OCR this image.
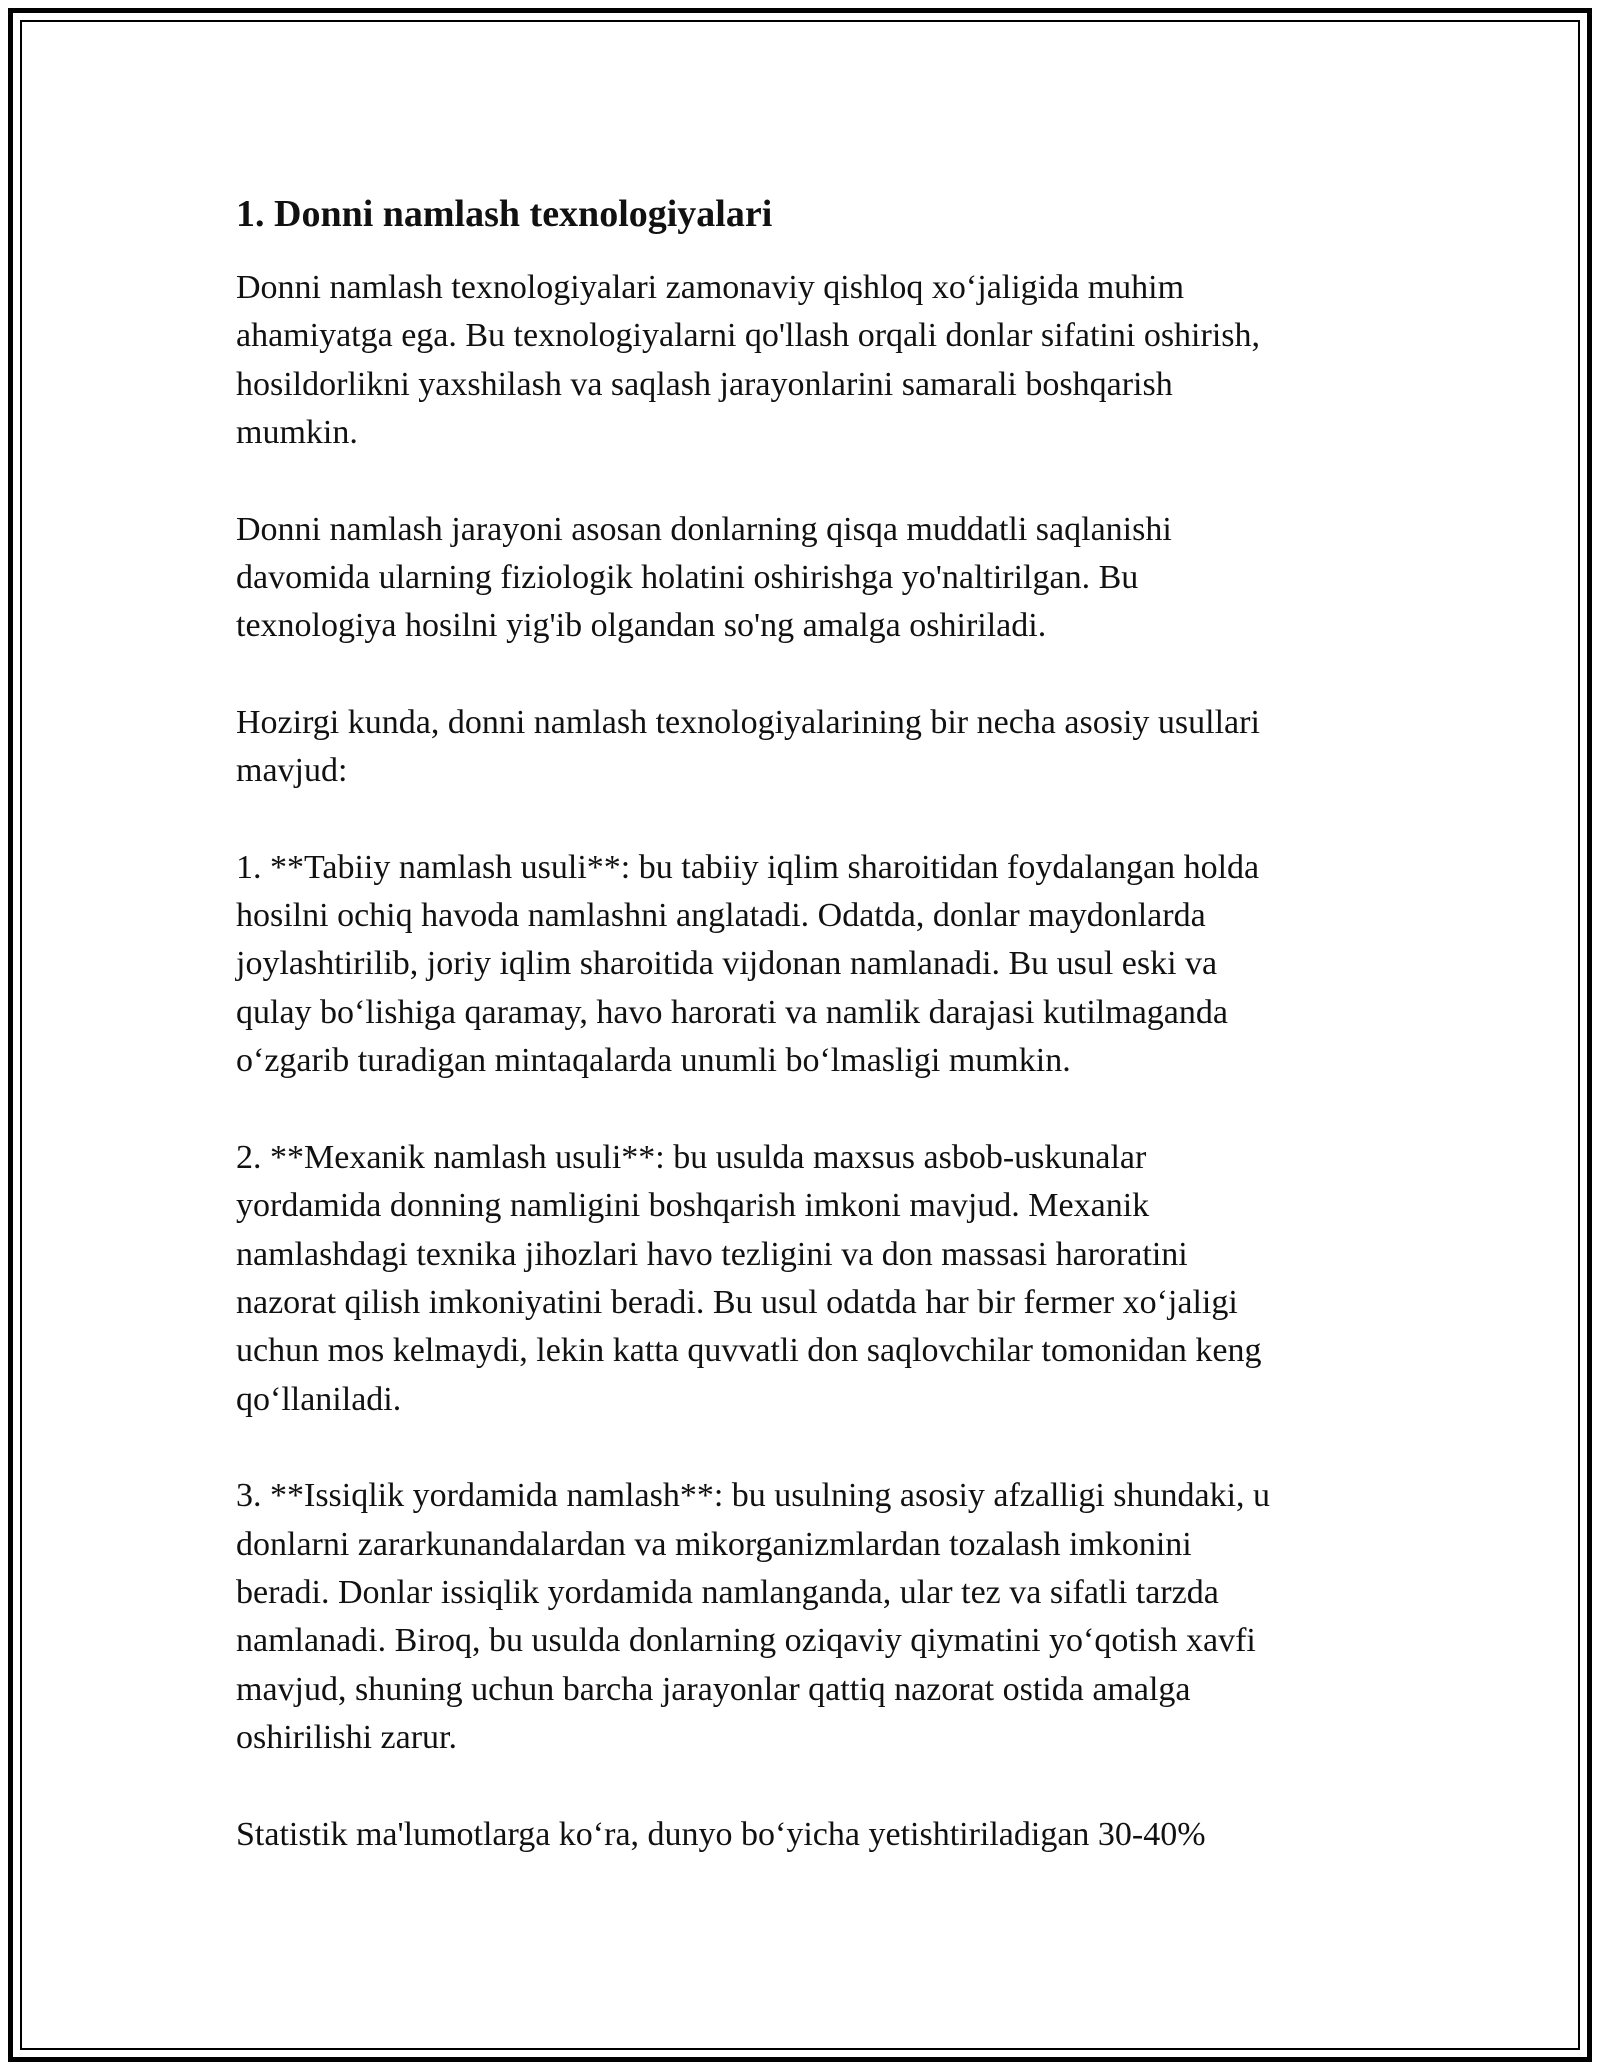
1. Donni namlash texnologiyalari

Donni namlash texnologiyalari zamonaviy qishloq xo‘jaligida muhim
ahamiyatga ega. Bu texnologiyalarni qo'llash orqali donlar sifatini oshirish,
hosildorlikni yaxshilash va saqlash jarayonlarini samarali boshqarish
mumkin.

Donni namlash jarayoni asosan donlarning qisqa muddatli saqlanishi
davomida ularning fiziologik holatini oshirishga yo'naltirilgan. Bu
texnologiya hosilni yig'ib olgandan so'ng amalga oshiriladi.

Hozirgi kunda, donni namlash texnologiyalarining bir necha asosiy usullari
mavjud:

1. **Tabiiy namlash usuli**: bu tabiiy iqlim sharoitidan foydalangan holda
hosilni ochiq havoda namlashni anglatadi. Odatda, donlar maydonlarda
joylashtirilib, joriy iqlim sharoitida vijdonan namlanadi. Bu usul eski va
qulay bo‘lishiga qaramay, havo harorati va namlik darajasi kutilmaganda
o‘zgarib turadigan mintaqalarda unumli bo‘lmasligi mumkin.

2. **Mexanik namlash usuli**: bu usulda maxsus asbob-uskunalar
yordamida donning namligini boshqarish imkoni mavjud. Mexanik
namlashdagi texnika jihozlari havo tezligini va don massasi haroratini
nazorat qilish imkoniyatini beradi. Bu usul odatda har bir fermer xo‘jaligi
uchun mos kelmaydi, lekin katta quvvatli don saqlovchilar tomonidan keng
qo‘llaniladi.

3. **Issiqlik yordamida namlash**: bu usulning asosiy afzalligi shundaki, u
donlarni zararkunandalardan va mikorganizmlardan tozalash imkonini
beradi. Donlar issiqlik yordamida namlanganda, ular tez va sifatli tarzda
namlanadi. Biroq, bu usulda donlarning oziqaviy qiymatini yo‘qotish xavfi
mavjud, shuning uchun barcha jarayonlar qattiq nazorat ostida amalga
oshirilishi zarur.

Statistik ma'lumotlarga ko‘ra, dunyo bo‘yicha yetishtiriladigan 30-40%
